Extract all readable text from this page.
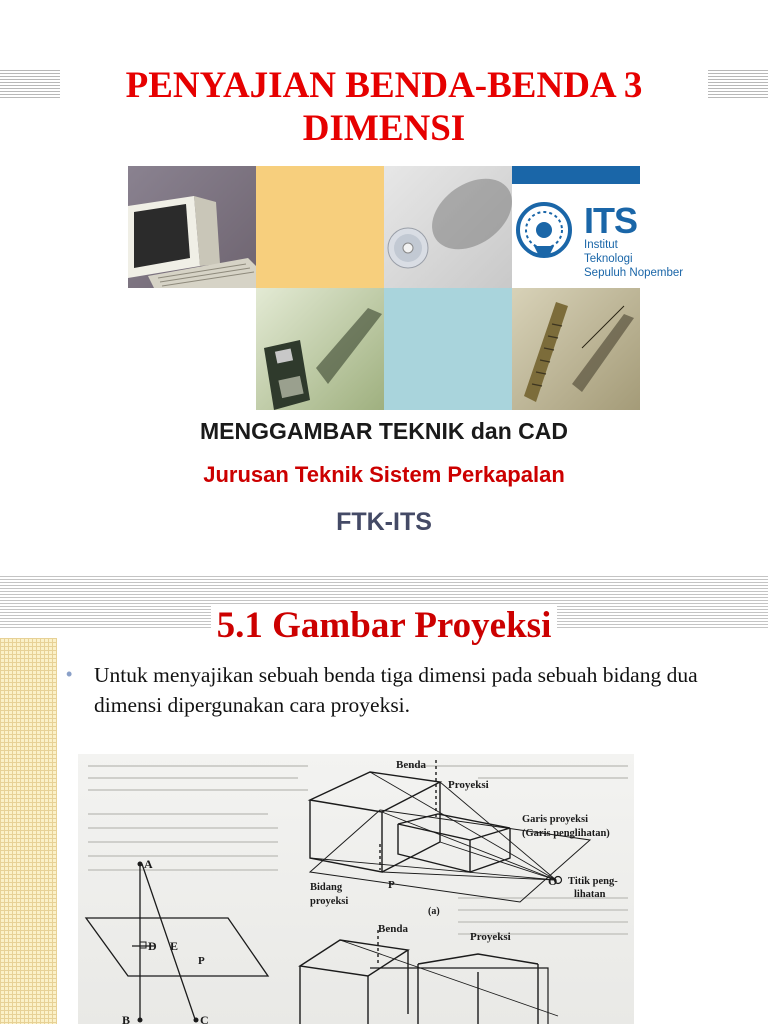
PENYAJIAN BENDA-BENDA 3 DIMENSI
ITS
Institut
Teknologi
Sepuluh Nopember

MENGGAMBAR TEKNIK dan CAD

Jurusan Teknik Sistem Perkapalan

FTK-ITS

5.1 Gambar Proyeksi
• Untuk menyajikan sebuah benda tiga dimensi pada sebuah bidang dua dimensi dipergunakan cara proyeksi.

Benda
Proyeksi
Garis proyeksi
(Garis penglihatan)
Titik peng-
lihatan
O
Bidang
proyeksi
P
(a)
A
D E
P
B	C
Benda
Proyeksi
